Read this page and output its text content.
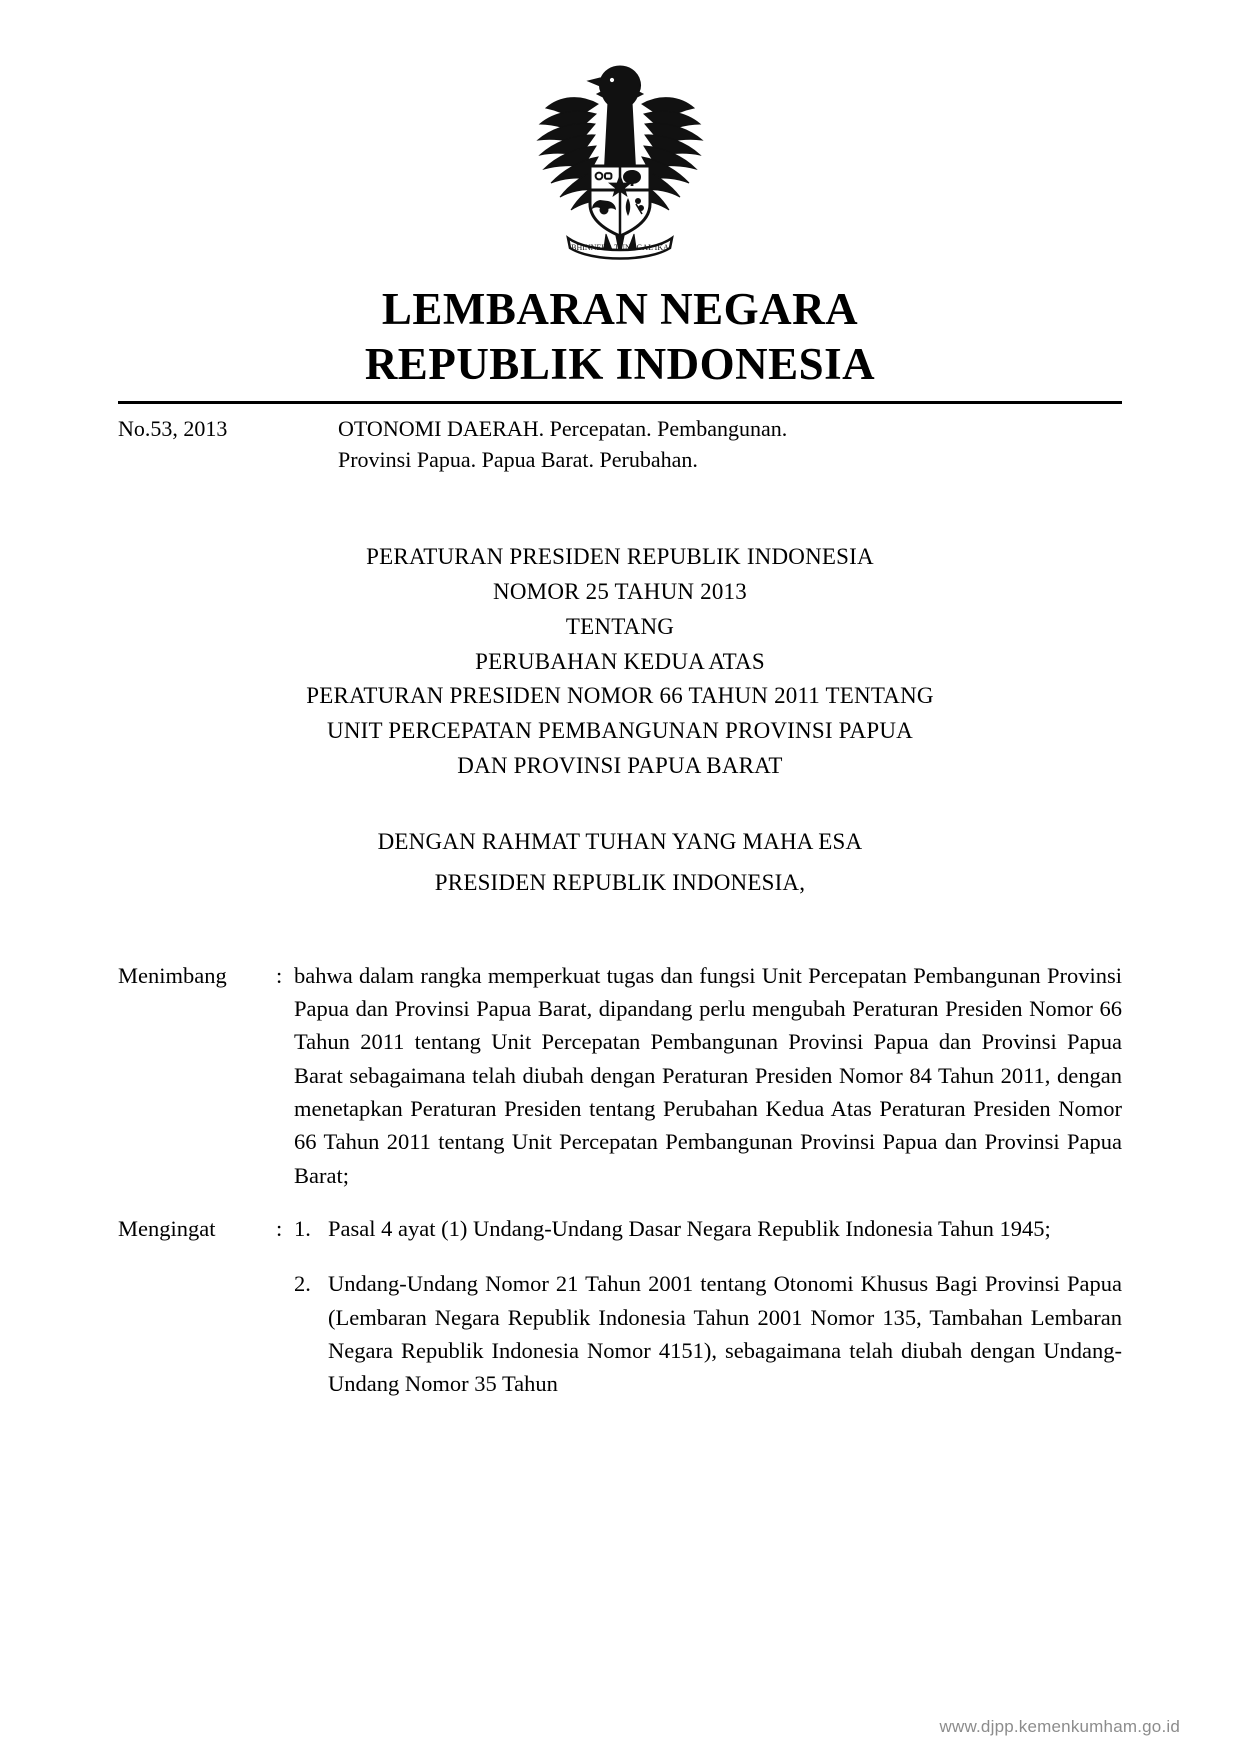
BHINNEKA TUNGGAL IKA
LEMBARAN NEGARA
REPUBLIK INDONESIA
No.53, 2013	OTONOMI DAERAH. Percepatan. Pembangunan.
Provinsi Papua. Papua Barat. Perubahan.
PERATURAN PRESIDEN REPUBLIK INDONESIA
NOMOR 25 TAHUN 2013
TENTANG
PERUBAHAN KEDUA ATAS
PERATURAN PRESIDEN NOMOR 66 TAHUN 2011 TENTANG
UNIT PERCEPATAN PEMBANGUNAN PROVINSI PAPUA
DAN PROVINSI PAPUA BARAT
DENGAN RAHMAT TUHAN YANG MAHA ESA
PRESIDEN REPUBLIK INDONESIA,
Menimbang	: bahwa dalam rangka memperkuat tugas dan fungsi Unit Percepatan Pembangunan Provinsi Papua dan Provinsi Papua Barat, dipandang perlu mengubah Peraturan Presiden Nomor 66 Tahun 2011 tentang Unit Percepatan Pembangunan Provinsi Papua dan Provinsi Papua Barat sebagaimana telah diubah dengan Peraturan Presiden Nomor 84 Tahun 2011, dengan menetapkan Peraturan Presiden tentang Perubahan Kedua Atas Peraturan Presiden Nomor 66 Tahun 2011 tentang Unit Percepatan Pembangunan Provinsi Papua dan Provinsi Papua Barat;
Mengingat	: 1. Pasal 4 ayat (1) Undang-Undang Dasar Negara Republik Indonesia Tahun 1945;
2. Undang-Undang Nomor 21 Tahun 2001 tentang Otonomi Khusus Bagi Provinsi Papua (Lembaran Negara Republik Indonesia Tahun 2001 Nomor 135, Tambahan Lembaran Negara Republik Indonesia Nomor 4151), sebagaimana telah diubah dengan Undang-Undang Nomor 35 Tahun
www.djpp.kemenkumham.go.id
